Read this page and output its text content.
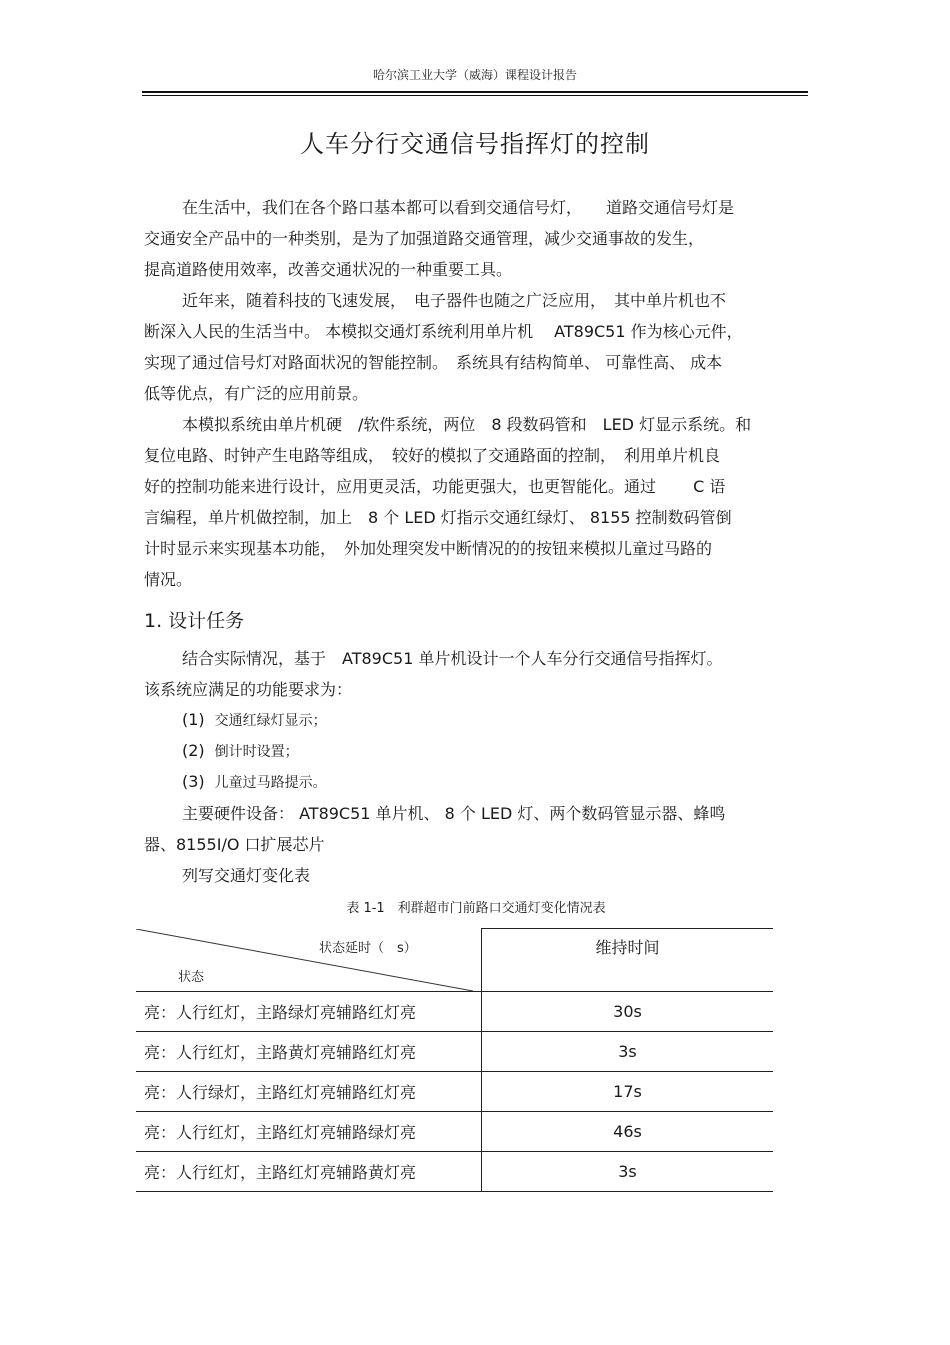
哈尔滨工业大学（威海）课程设计报告
人车分行交通信号指挥灯的控制

在生活中，我们在各个路口基本都可以看到交通信号灯，　　道路交通信号灯是

交通安全产品中的一种类别，是为了加强道路交通管理，减少交通事故的发生，

提高道路使用效率，改善交通状况的一种重要工具。

近年来，随着科技的飞速发展，　电子器件也随之广泛应用，　其中单片机也不

断深入人民的生活当中。 本模拟交通灯系统利用单片机　 AT89C51 作为核心元件，

实现了通过信号灯对路面状况的智能控制。　系统具有结构简单、 可靠性高、 成本

低等优点，有广泛的应用前景。

本模拟系统由单片机硬　/软件系统，两位　8 段数码管和　LED 灯显示系统。和

复位电路、时钟产生电路等组成，　较好的模拟了交通路面的控制，　利用单片机良

好的控制功能来进行设计，应用更灵活，功能更强大，也更智能化。通过　　 C 语

言编程，单片机做控制，加上　8 个 LED 灯指示交通红绿灯、 8155 控制数码管倒

计时显示来实现基本功能，　外加处理突发中断情况的的按钮来模拟儿童过马路的

情况。

1. 设计任务

结合实际情况，基于　AT89C51 单片机设计一个人车分行交通信号指挥灯。

该系统应满足的功能要求为：

(1) 交通红绿灯显示；
(2) 倒计时设置；
(3) 儿童过马路提示。

主要硬件设备： AT89C51 单片机、 8 个 LED 灯、两个数码管显示器、蜂鸣

器、8155I/O 口扩展芯片

列写交通灯变化表

表 1-1　利群超市门前路口交通灯变化情况表
状态延时（　s）
状态	维持时间
亮：人行红灯，主路绿灯亮辅路红灯亮	30s
亮：人行红灯，主路黄灯亮辅路红灯亮	3s
亮：人行绿灯，主路红灯亮辅路红灯亮	17s
亮：人行红灯，主路红灯亮辅路绿灯亮	46s
亮：人行红灯，主路红灯亮辅路黄灯亮	3s
